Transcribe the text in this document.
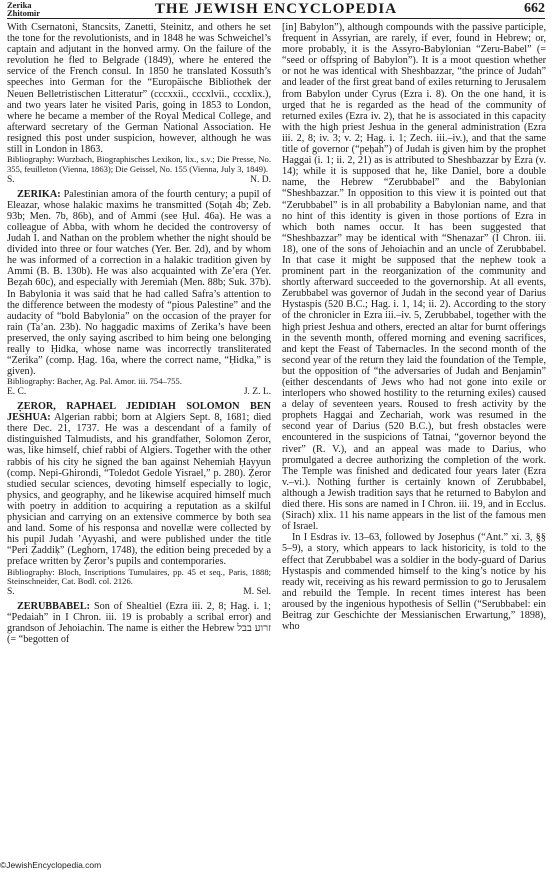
Zerika
Zhitomir	THE JEWISH ENCYCLOPEDIA	662

With Csernatoni, Stancsits, Zanetti, Steinitz, and others he set the tone for the revolutionists, and in 1848 he was Schweichel’s captain and adjutant in the honved army. On the failure of the revolution he fled to Belgrade (1849), where he entered the service of the French consul. In 1850 he translated Kossuth’s speeches into German for the “Europäische Bibliothek der Neuen Belletristischen Litteratur” (cccxxii., cccxlvii., cccxlix.), and two years later he visited Paris, going in 1853 to London, where he became a member of the Royal Medical College, and afterward secretary of the German National Association. He resigned this post under suspicion, however, although he was still in London in 1863.

Bibliography: Wurzbach, Biographisches Lexikon, lix., s.v.; Die Presse, No. 355, feuilleton (Vienna, 1863); Die Geissel, No. 155 (Vienna, July 3, 1849).

S.	N. D.

ZERIKA: Palestinian amora of the fourth century; a pupil of Eleazar, whose halakic maxims he transmitted (Soṭah 4b; Zeb. 93b; Men. 7b, 86b), and of Ammi (see Ḥul. 46a). He was a colleague of Abba, with whom he decided the controversy of Judah I. and Nathan on the problem whether the night should be divided into three or four watches (Yer. Ber. 2d), and by whom he was informed of a correction in a halakic tradition given by Ammi (B. B. 130b). He was also acquainted with Ze’era (Yer. Beẓah 60c), and especially with Jeremiah (Men. 88b; Suk. 37b). In Babylonia it was said that he had called Safra’s attention to the difference between the modesty of “pious Palestine” and the audacity of “bold Babylonia” on the occasion of the prayer for rain (Ta’an. 23b). No haggadic maxims of Zerika’s have been preserved, the only saying ascribed to him being one belonging really to Ḥidka, whose name was incorrectly transliterated “Zerika” (comp. Ḥag. 16a, where the correct name, “Ḥidka,” is given).

Bibliography: Bacher, Ag. Pal. Amor. iii. 754–755.

E. C.	J. Z. L.

ẒEROR, RAPHAEL JEDIDIAH SOLOMON BEN JESHUA: Algerian rabbi; born at Algiers Sept. 8, 1681; died there Dec. 21, 1737. He was a descendant of a family of distinguished Talmudists, and his grandfather, Solomon Ẓeror, was, like himself, chief rabbi of Algiers. Together with the other rabbis of his city he signed the ban against Nehemiah Ḥayyun (comp. Nepi-Ghirondi, “Toledot Gedole Yisrael,” p. 280). Ẓeror studied secular sciences, devoting himself especially to logic, physics, and geography, and he likewise acquired himself much with poetry in addition to acquiring a reputation as a skilful physician and carrying on an extensive commerce by both sea and land. Some of his responsa and novellæ were collected by his pupil Judah ’Ayyashi, and were published under the title “Peri Ẓaddiḳ” (Leghorn, 1748), the edition being preceded by a preface written by Ẓeror’s pupils and contemporaries.

Bibliography: Bloch, Inscriptions Tumulaires, pp. 45 et seq., Paris, 1888; Steinschneider, Cat. Bodl. col. 2126.

S.	M. Sel.

ZERUBBABEL: Son of Shealtiel (Ezra iii. 2, 8; Hag. i. 1; “Pedaiah” in I Chron. iii. 19 is probably a scribal error) and grandson of Jehoiachin. The name is either the Hebrew זרוע בבל (= “begotten of

[in] Babylon”), although compounds with the passive participle, frequent in Assyrian, are rarely, if ever, found in Hebrew; or, more probably, it is the Assyro-Babylonian “Zeru-Babel” (= “seed or offspring of Babylon”). It is a moot question whether or not he was identical with Sheshbazzar, “the prince of Judah” and leader of the first great band of exiles returning to Jerusalem from Babylon under Cyrus (Ezra i. 8). On the one hand, it is urged that he is regarded as the head of the community of returned exiles (Ezra iv. 2), that he is associated in this capacity with the high priest Jeshua in the general administration (Ezra iii. 2, 8; iv. 3; v. 2; Hag. i. 1; Zech. iii.–iv.), and that the same title of governor (“peḥah”) of Judah is given him by the prophet Haggai (i. 1; ii. 2, 21) as is attributed to Sheshbazzar by Ezra (v. 14); while it is supposed that he, like Daniel, bore a double name, the Hebrew “Zerubbabel” and the Babylonian “Sheshbazzar.” In opposition to this view it is pointed out that “Zerubbabel” is in all probability a Babylonian name, and that no hint of this identity is given in those portions of Ezra in which both names occur. It has been suggested that “Sheshbazzar” may be identical with “Shenazar” (I Chron. iii. 18), one of the sons of Jehoiachin and an uncle of Zerubbabel. In that case it might be supposed that the nephew took a prominent part in the reorganization of the community and shortly afterward succeeded to the governorship. At all events, Zerubbabel was governor of Judah in the second year of Darius Hystaspis (520 B.C.; Hag. i. 1, 14; ii. 2). According to the story of the chronicler in Ezra iii.–iv. 5, Zerubbabel, together with the high priest Jeshua and others, erected an altar for burnt offerings in the seventh month, offered morning and evening sacrifices, and kept the Feast of Tabernacles. In the second month of the second year of the return they laid the foundation of the Temple, but the opposition of “the adversaries of Judah and Benjamin” (either descendants of Jews who had not gone into exile or interlopers who showed hostility to the returning exiles) caused a delay of seventeen years. Roused to fresh activity by the prophets Haggai and Zechariah, work was resumed in the second year of Darius (520 B.C.), but fresh obstacles were encountered in the suspicions of Tatnai, “governor beyond the river” (R. V.), and an appeal was made to Darius, who promulgated a decree authorizing the completion of the work. The Temple was finished and dedicated four years later (Ezra v.–vi.). Nothing further is certainly known of Zerubbabel, although a Jewish tradition says that he returned to Babylon and died there. His sons are named in I Chron. iii. 19, and in Ecclus. (Sirach) xlix. 11 his name appears in the list of the famous men of Israel.

In I Esdras iv. 13–63, followed by Josephus (“Ant.” xi. 3, §§ 5–9), a story, which appears to lack historicity, is told to the effect that Zerubbabel was a soldier in the body-guard of Darius Hystaspis and commended himself to the king’s notice by his ready wit, receiving as his reward permission to go to Jerusalem and rebuild the Temple. In recent times interest has been aroused by the ingenious hypothesis of Sellin (“Serubbabel: ein Beitrag zur Geschichte der Messianischen Erwartung,” 1898), who

©JewishEncyclopedia.com
